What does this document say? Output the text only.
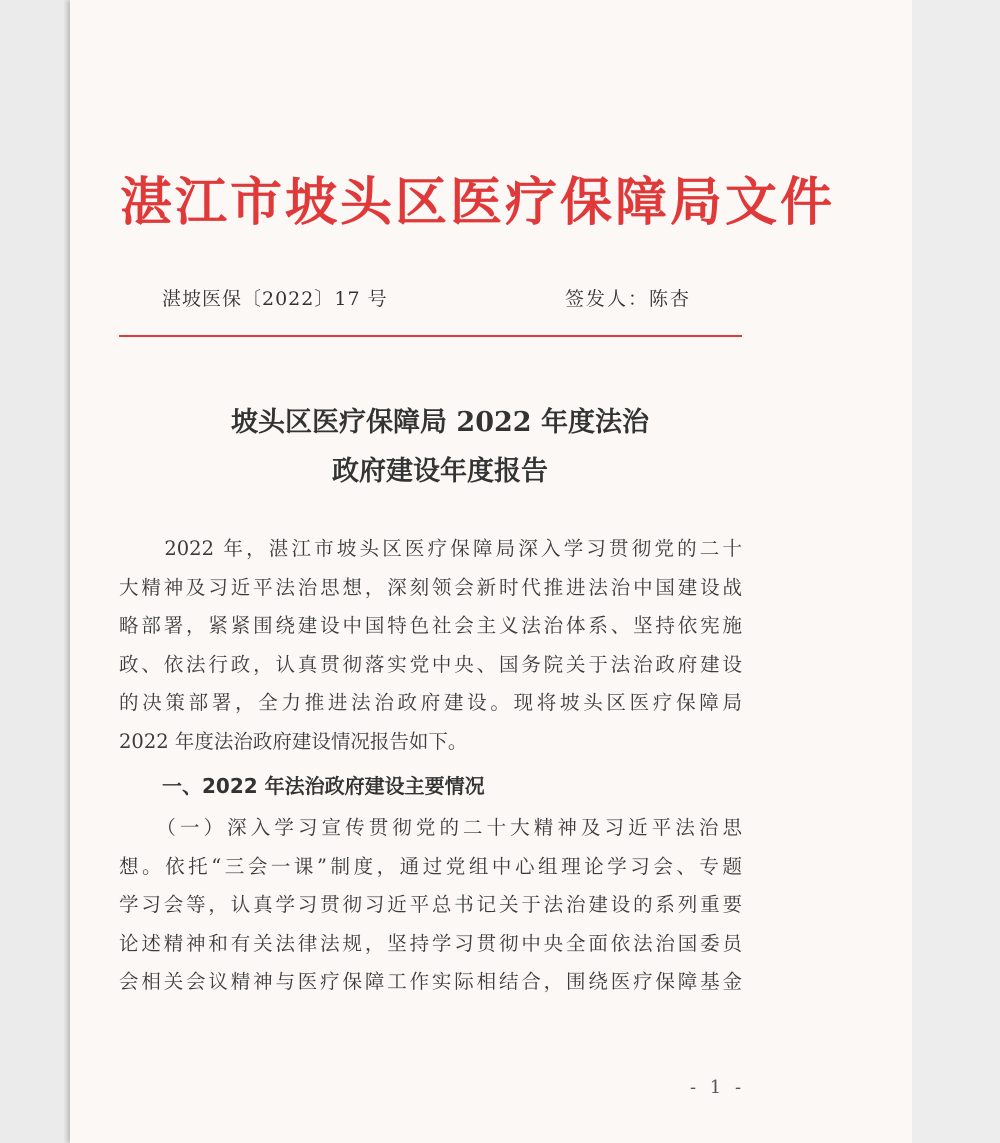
湛江市坡头区医疗保障局文件
湛坡医保〔2022〕17 号	签发人：陈杏
坡头区医疗保障局 2022 年度法治
政府建设年度报告

　　2022 年，湛江市坡头区医疗保障局深入学习贯彻党的二十
大精神及习近平法治思想，深刻领会新时代推进法治中国建设战
略部署，紧紧围绕建设中国特色社会主义法治体系、坚持依宪施
政、依法行政，认真贯彻落实党中央、国务院关于法治政府建设
的决策部署，全力推进法治政府建设。现将坡头区医疗保障局
2022 年度法治政府建设情况报告如下。

一、2022 年法治政府建设主要情况

　　（一）深入学习宣传贯彻党的二十大精神及习近平法治思
想。依托“三会一课”制度，通过党组中心组理论学习会、专题
学习会等，认真学习贯彻习近平总书记关于法治建设的系列重要
论述精神和有关法律法规，坚持学习贯彻中央全面依法治国委员
会相关会议精神与医疗保障工作实际相结合，围绕医疗保障基金

- 1 -
